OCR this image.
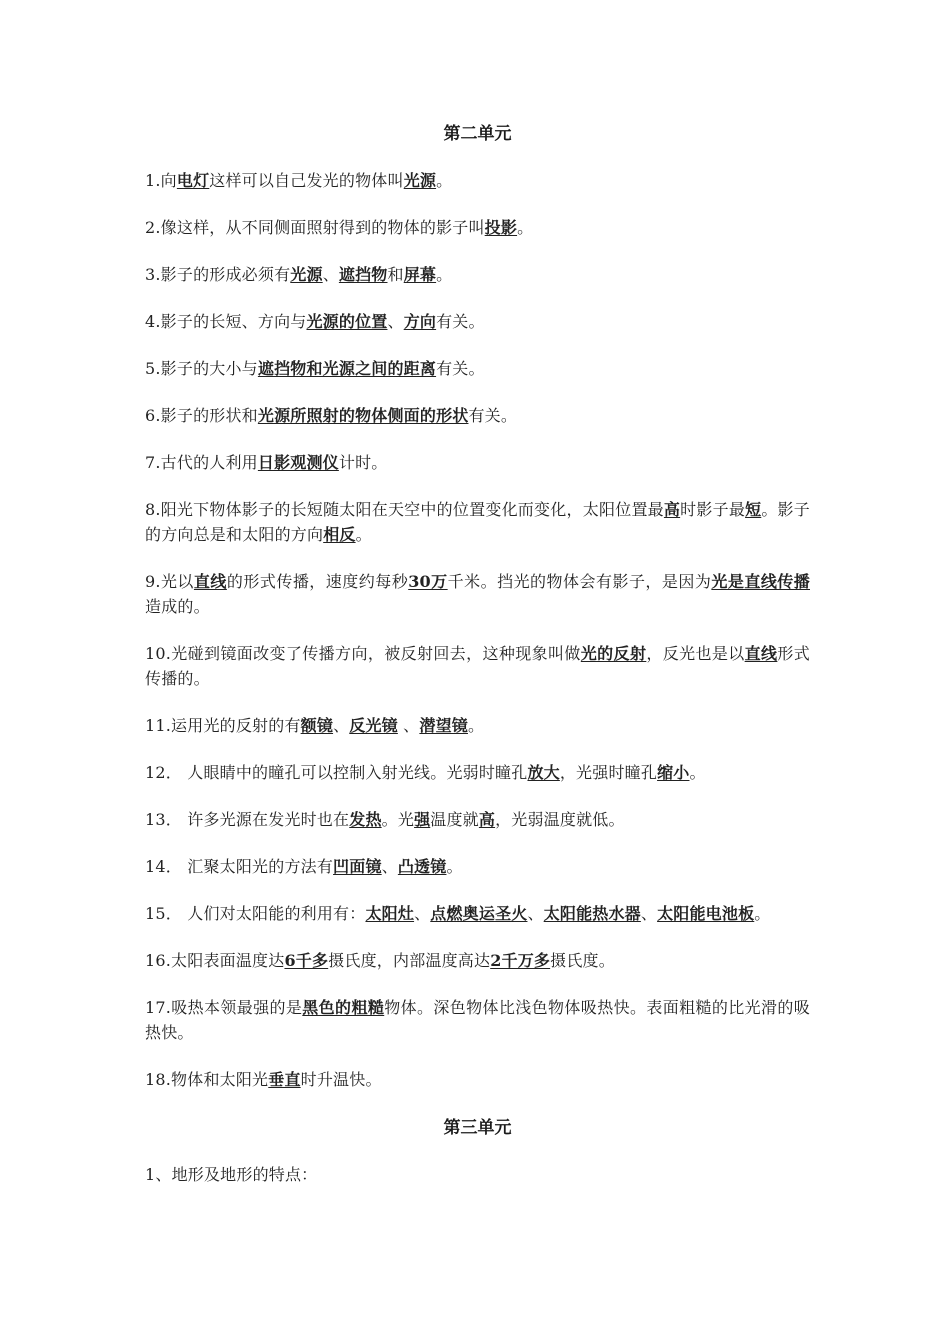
第二单元
1.向电灯这样可以自己发光的物体叫光源。
2.像这样，从不同侧面照射得到的物体的影子叫投影。
3.影子的形成必须有光源、遮挡物和屏幕。
4.影子的长短、方向与光源的位置、方向有关。
5.影子的大小与遮挡物和光源之间的距离有关。
6.影子的形状和光源所照射的物体侧面的形状有关。
7.古代的人利用日影观测仪计时。
8.阳光下物体影子的长短随太阳在天空中的位置变化而变化，太阳位置最高时影子最短。影子的方向总是和太阳的方向相反。
9.光以直线的形式传播，速度约每秒30万千米。挡光的物体会有影子，是因为光是直线传播造成的。
10.光碰到镜面改变了传播方向，被反射回去，这种现象叫做光的反射，反光也是以直线形式传播的。
11.运用光的反射的有额镜、反光镜 、潜望镜。
12． 人眼睛中的瞳孔可以控制入射光线。光弱时瞳孔放大，光强时瞳孔缩小。
13． 许多光源在发光时也在发热。光强温度就高，光弱温度就低。
14． 汇聚太阳光的方法有凹面镜、凸透镜。
15． 人们对太阳能的利用有：太阳灶、点燃奥运圣火、太阳能热水器、太阳能电池板。
16.太阳表面温度达6千多摄氏度，内部温度高达2千万多摄氏度。
17.吸热本领最强的是黑色的粗糙物体。深色物体比浅色物体吸热快。表面粗糙的比光滑的吸热快。
18.物体和太阳光垂直时升温快。
第三单元
1、地形及地形的特点：
